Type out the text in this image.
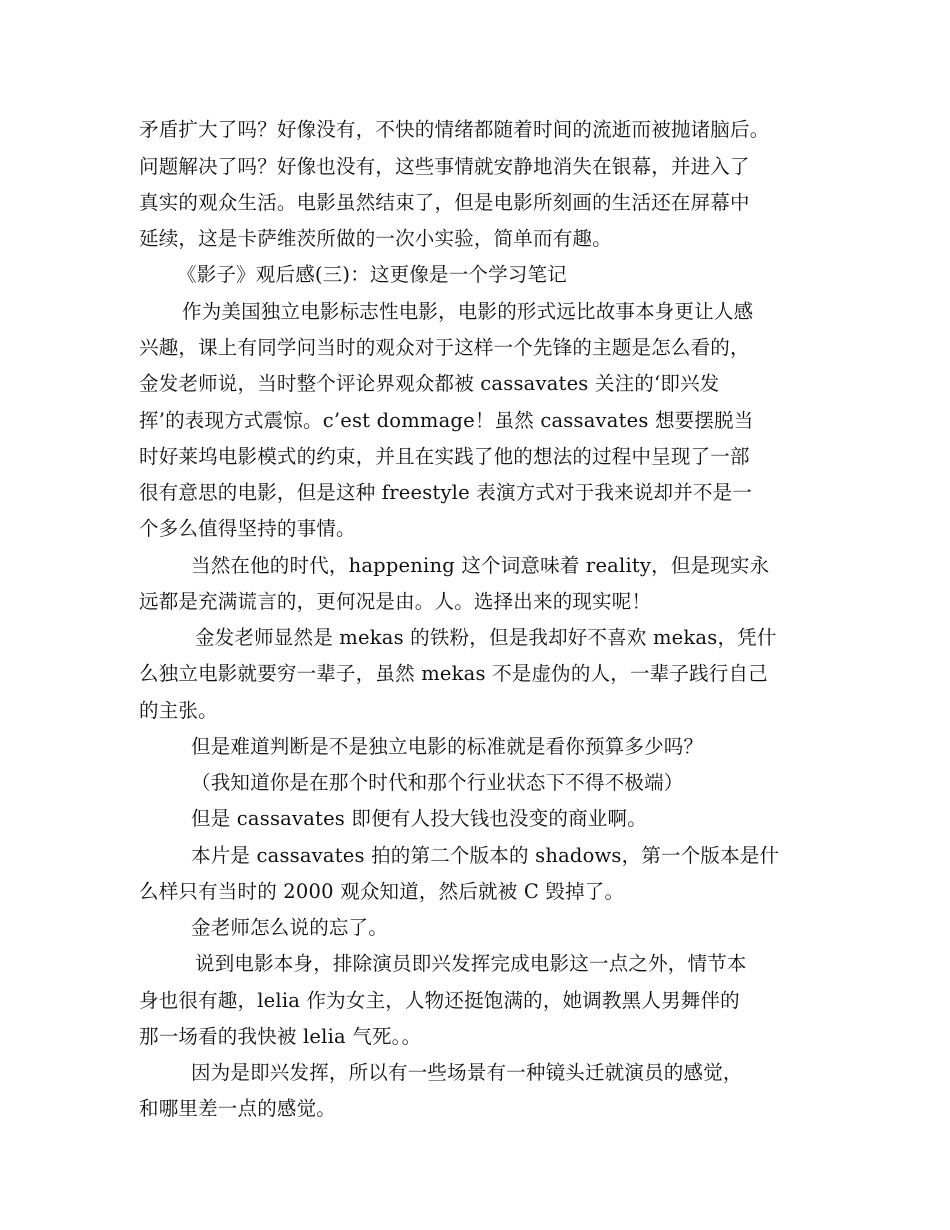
矛盾扩大了吗？好像没有，不快的情绪都随着时间的流逝而被抛诸脑后。
问题解决了吗？好像也没有，这些事情就安静地消失在银幕，并进入了
真实的观众生活。电影虽然结束了，但是电影所刻画的生活还在屏幕中
延续，这是卡萨维茨所做的一次小实验，简单而有趣。
《影子》观后感(三)：这更像是一个学习笔记
作为美国独立电影标志性电影，电影的形式远比故事本身更让人感
兴趣，课上有同学问当时的观众对于这样一个先锋的主题是怎么看的，
金发老师说，当时整个评论界观众都被 cassavates 关注的‘即兴发
挥’的表现方式震惊。c’est dommage！虽然 cassavates 想要摆脱当
时好莱坞电影模式的约束，并且在实践了他的想法的过程中呈现了一部
很有意思的电影，但是这种 freestyle 表演方式对于我来说却并不是一
个多么值得坚持的事情。
当然在他的时代，happening 这个词意味着 reality，但是现实永
远都是充满谎言的，更何况是由。人。选择出来的现实呢！
金发老师显然是 mekas 的铁粉，但是我却好不喜欢 mekas，凭什
么独立电影就要穷一辈子，虽然 mekas 不是虚伪的人，一辈子践行自己
的主张。
但是难道判断是不是独立电影的标准就是看你预算多少吗？
（我知道你是在那个时代和那个行业状态下不得不极端）
但是 cassavates 即便有人投大钱也没变的商业啊。
本片是 cassavates 拍的第二个版本的 shadows，第一个版本是什
么样只有当时的 2000 观众知道，然后就被 C 毁掉了。
金老师怎么说的忘了。
说到电影本身，排除演员即兴发挥完成电影这一点之外，情节本
身也很有趣，lelia 作为女主，人物还挺饱满的，她调教黑人男舞伴的
那一场看的我快被 lelia 气死。。
因为是即兴发挥，所以有一些场景有一种镜头迁就演员的感觉，
和哪里差一点的感觉。
